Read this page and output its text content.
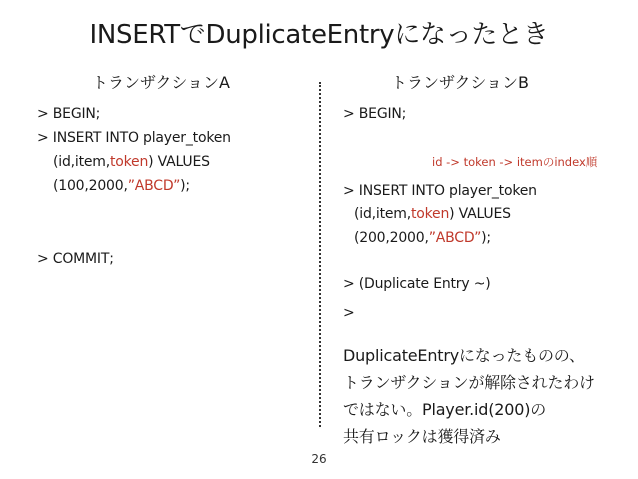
INSERTでDuplicateEntryになったとき
トランザクションA	トランザクションB
> BEGIN;
> INSERT INTO player_token
(id,item,token) VALUES
(100,2000,”ABCD”);
> COMMIT;
> BEGIN;
id -> token -> itemのindex順
> INSERT INTO player_token
(id,item,token) VALUES
(200,2000,”ABCD”);
> (Duplicate Entry ~)
>
DuplicateEntryになったものの、
トランザクションが解除されたわけ
ではない。Player.id(200)の
共有ロックは獲得済み
26
